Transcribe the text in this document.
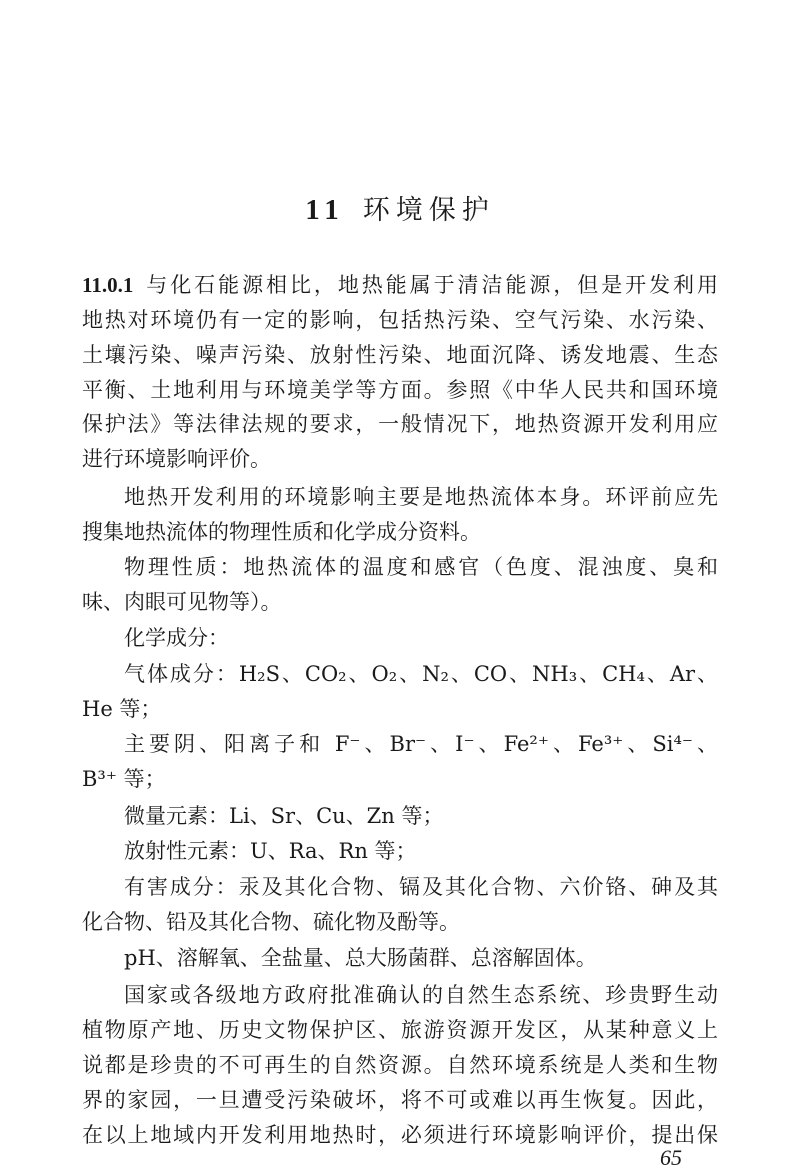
11 环境保护
11.0.1 与化石能源相比，地热能属于清洁能源，但是开发利用
地热对环境仍有一定的影响，包括热污染、空气污染、水污染、
土壤污染、噪声污染、放射性污染、地面沉降、诱发地震、生态
平衡、土地利用与环境美学等方面。参照《中华人民共和国环境
保护法》等法律法规的要求，一般情况下，地热资源开发利用应
进行环境影响评价。
地热开发利用的环境影响主要是地热流体本身。环评前应先
搜集地热流体的物理性质和化学成分资料。
物理性质：地热流体的温度和感官（色度、混浊度、臭和
味、肉眼可见物等）。
化学成分：
气体成分：H₂S、CO₂、O₂、N₂、CO、NH₃、CH₄、Ar、
He 等；
主要阴、阳离子和 F⁻、Br⁻、I⁻、Fe²⁺、Fe³⁺、Si⁴⁻、
B³⁺ 等；
微量元素：Li、Sr、Cu、Zn 等；
放射性元素：U、Ra、Rn 等；
有害成分：汞及其化合物、镉及其化合物、六价铬、砷及其
化合物、铅及其化合物、硫化物及酚等。
pH、溶解氧、全盐量、总大肠菌群、总溶解固体。
国家或各级地方政府批准确认的自然生态系统、珍贵野生动
植物原产地、历史文物保护区、旅游资源开发区，从某种意义上
说都是珍贵的不可再生的自然资源。自然环境系统是人类和生物
界的家园，一旦遭受污染破坏，将不可或难以再生恢复。因此，
在以上地域内开发利用地热时，必须进行环境影响评价，提出保
65
